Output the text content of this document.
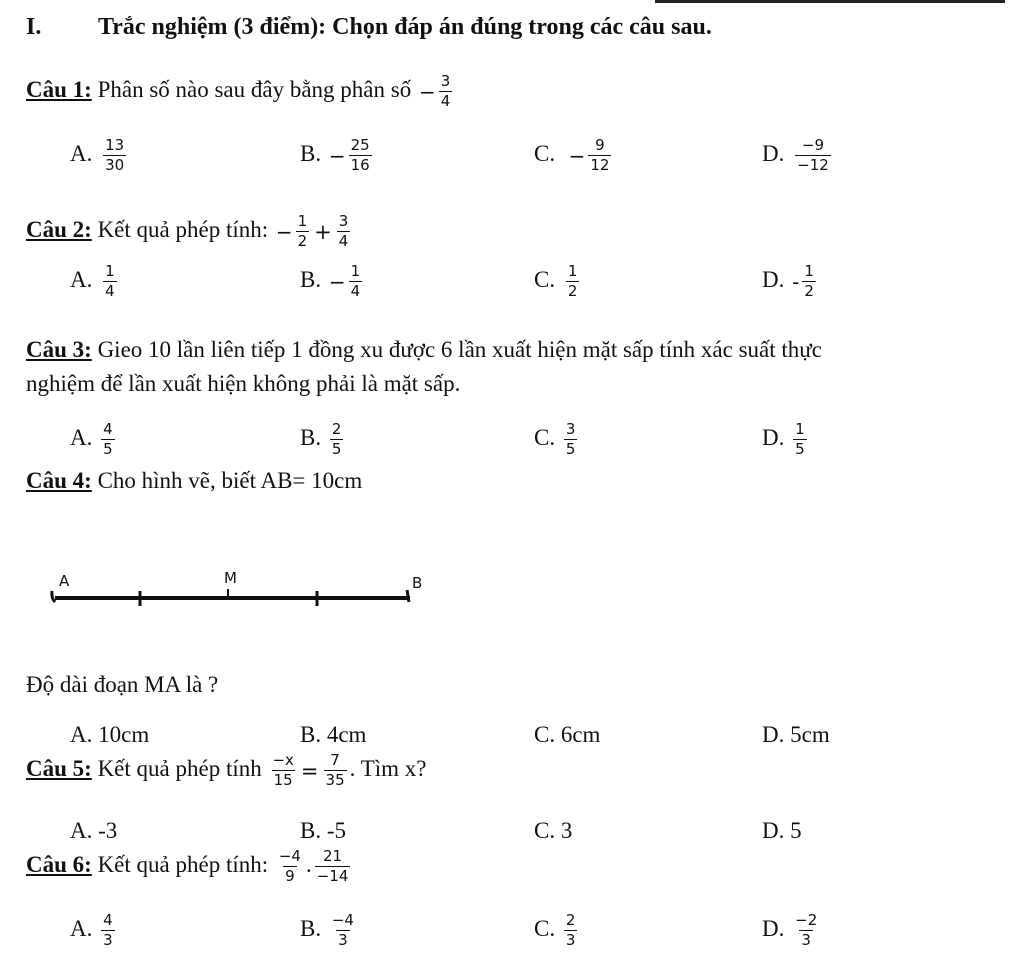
I. Trắc nghiệm (3 điểm): Chọn đáp án đúng trong các câu sau.
Câu 1: Phân số nào sau đây bằng phân số − $\frac{3}{4}$
A. $\frac{13}{30}$	B. − $\frac{25}{16}$	C. − $\frac{9}{12}$	D. $\frac{-9}{-12}$
Câu 2: Kết quả phép tính: − $\frac{1}{2} + \frac{3}{4}$
A. $\frac{1}{4}$	B. − $\frac{1}{4}$	C. $\frac{1}{2}$	D. - $\frac{1}{2}$
Câu 3: Gieo 10 lần liên tiếp 1 đồng xu được 6 lần xuất hiện mặt sấp tính xác suất thực
nghiệm để lần xuất hiện không phải là mặt sấp.
A. $\frac{4}{5}$	B. $\frac{2}{5}$	C. $\frac{3}{5}$	D. $\frac{1}{5}$
Câu 4: Cho hình vẽ, biết AB= 10cm
A	M	B
Độ dài đoạn MA là ?
A. 10cm	B. 4cm	C. 6cm	D. 5cm
Câu 5: Kết quả phép tính $\frac{-x}{15} = \frac{7}{35}$ . Tìm x?
A. -3	B. -5	C. 3	D. 5
Câu 6: Kết quả phép tính: $\frac{-4}{9}$ . $\frac{21}{-14}$
A. $\frac{4}{3}$	B. $\frac{-4}{3}$	C. $\frac{2}{3}$	D. $\frac{-2}{3}$
